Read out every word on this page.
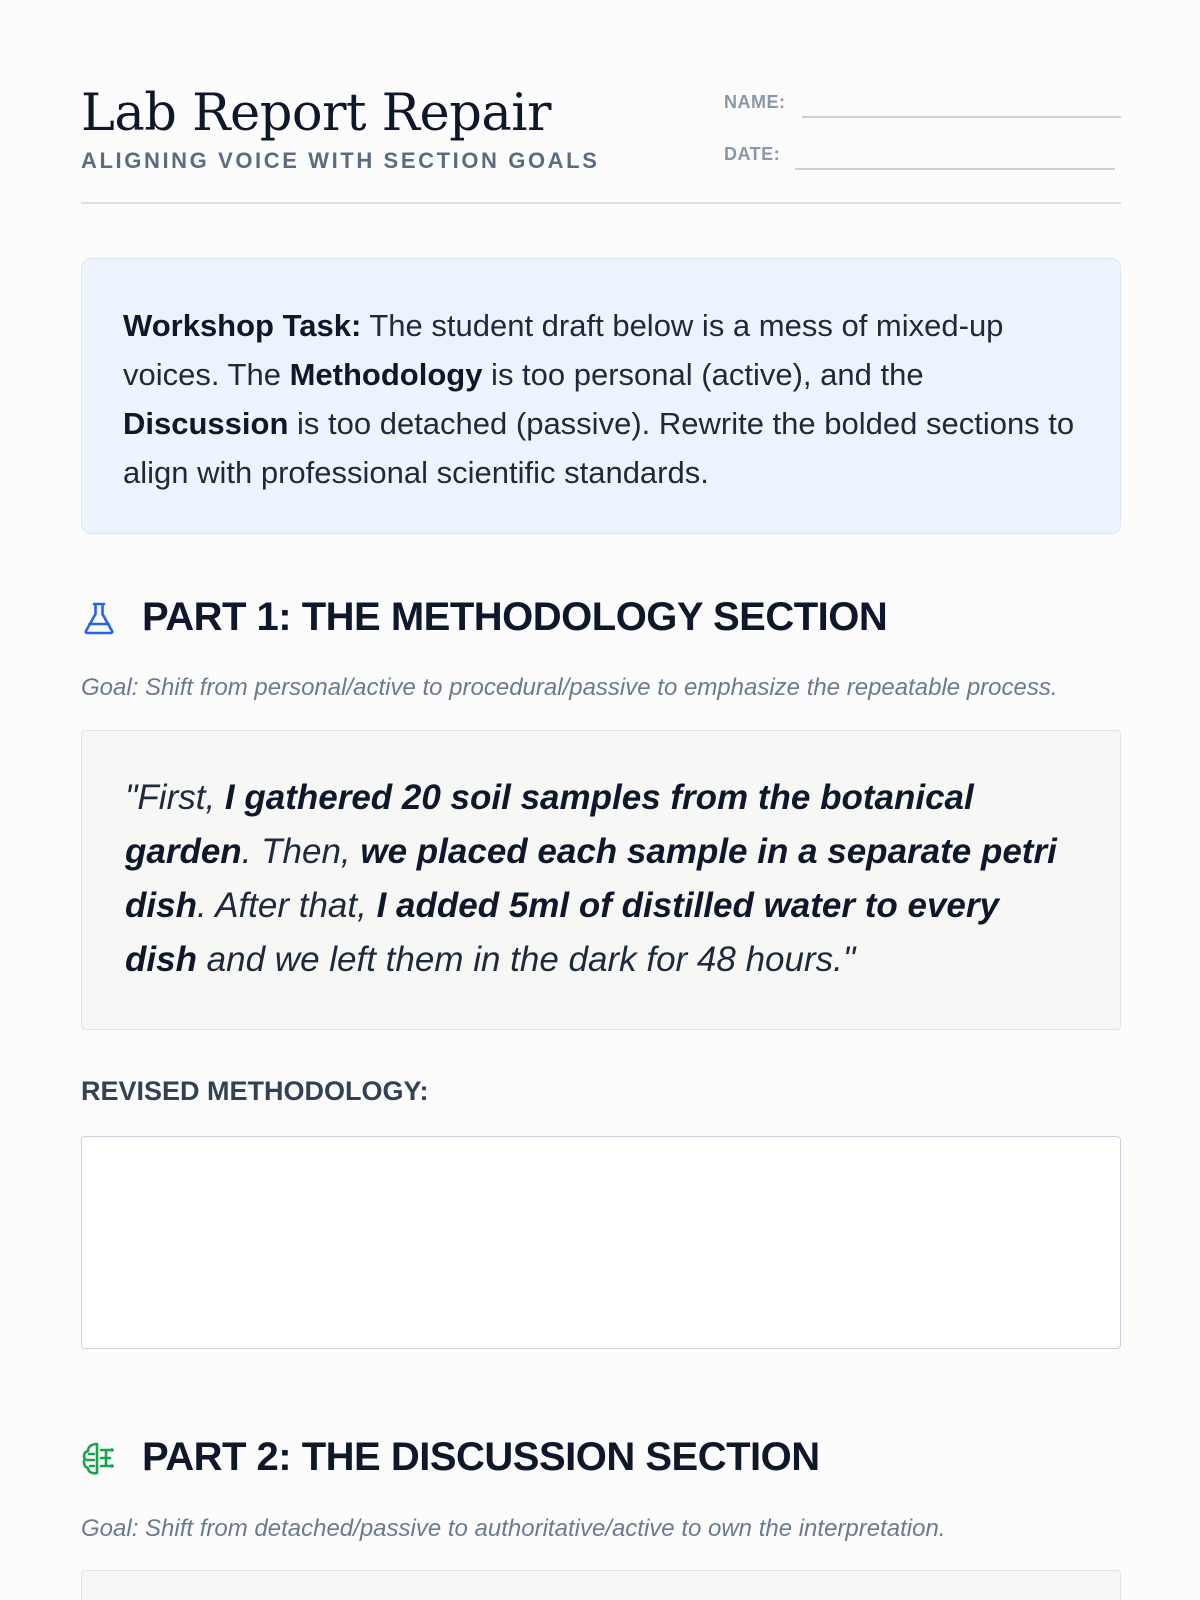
Lab Report Repair
ALIGNING VOICE WITH SECTION GOALS
NAME:
DATE:
Workshop Task: The student draft below is a mess of mixed-up voices. The Methodology is too personal (active), and the Discussion is too detached (passive). Rewrite the bolded sections to align with professional scientific standards.
PART 1: THE METHODOLOGY SECTION
Goal: Shift from personal/active to procedural/passive to emphasize the repeatable process.
"First, I gathered 20 soil samples from the botanical garden. Then, we placed each sample in a separate petri dish. After that, I added 5ml of distilled water to every dish and we left them in the dark for 48 hours."
REVISED METHODOLOGY:
PART 2: THE DISCUSSION SECTION
Goal: Shift from detached/passive to authoritative/active to own the interpretation.
